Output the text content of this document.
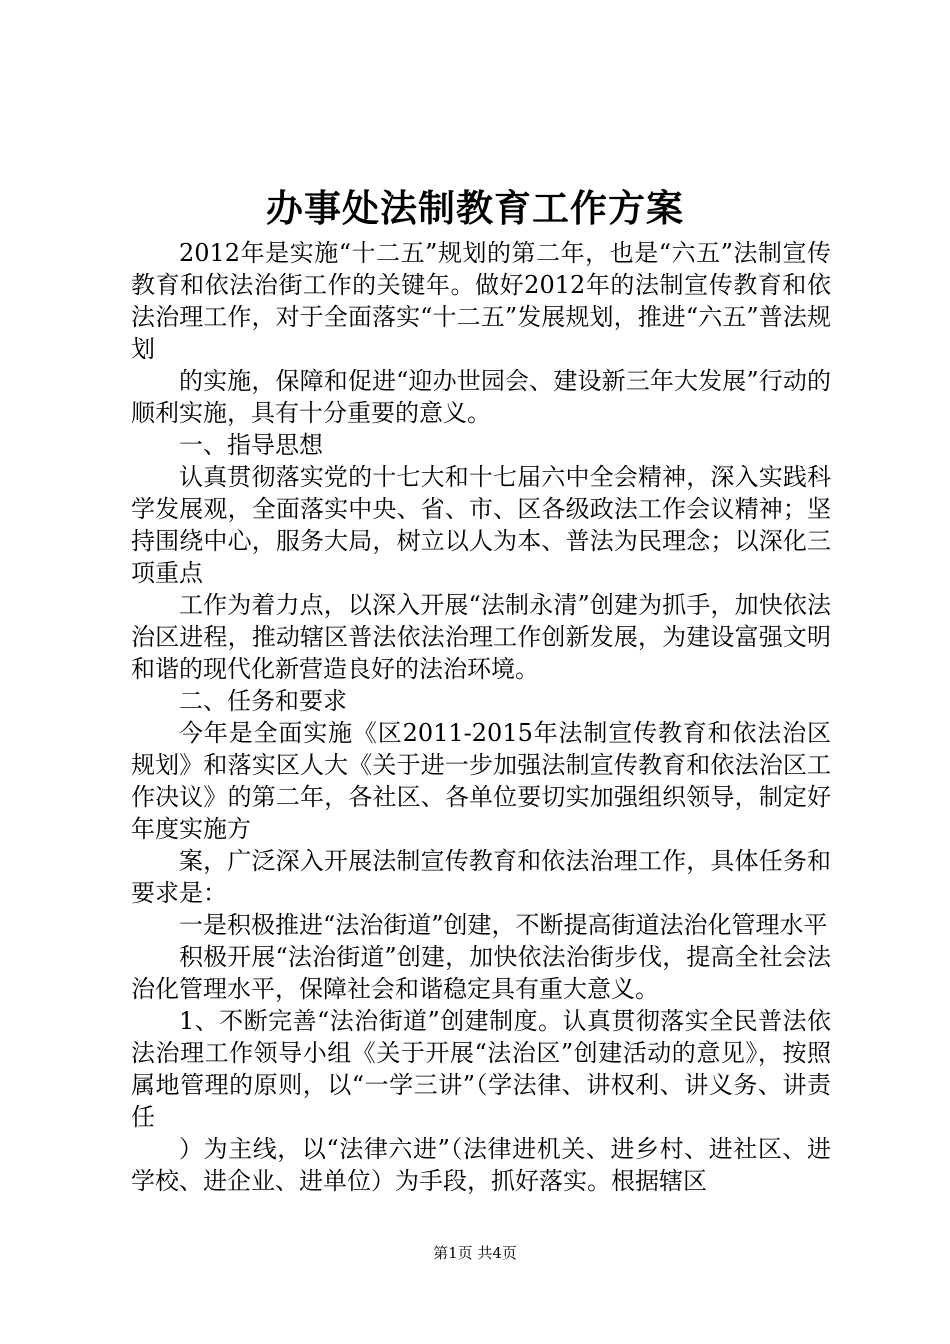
办事处法制教育工作方案

2012年是实施“十二五”规划的第二年，也是“六五”法制宣传教育和依法治街工作的关键年。做好2012年的法制宣传教育和依法治理工作，对于全面落实“十二五”发展规划，推进“六五”普法规划

的实施，保障和促进“迎办世园会、建设新三年大发展”行动的顺利实施，具有十分重要的意义。

一、指导思想

认真贯彻落实党的十七大和十七届六中全会精神，深入实践科学发展观，全面落实中央、省、市、区各级政法工作会议精神；坚持围绕中心，服务大局，树立以人为本、普法为民理念；以深化三项重点

工作为着力点，以深入开展“法制永清”创建为抓手，加快依法治区进程，推动辖区普法依法治理工作创新发展，为建设富强文明和谐的现代化新营造良好的法治环境。

二、任务和要求

今年是全面实施《区2011-2015年法制宣传教育和依法治区规划》和落实区人大《关于进一步加强法制宣传教育和依法治区工作决议》的第二年，各社区、各单位要切实加强组织领导，制定好年度实施方

案，广泛深入开展法制宣传教育和依法治理工作，具体任务和要求是：

一是积极推进“法治街道”创建，不断提高街道法治化管理水平

积极开展“法治街道”创建，加快依法治街步伐，提高全社会法治化管理水平，保障社会和谐稳定具有重大意义。

1、不断完善“法治街道”创建制度。认真贯彻落实全民普法依法治理工作领导小组《关于开展“法治区”创建活动的意见》，按照属地管理的原则，以“一学三讲”（学法律、讲权利、讲义务、讲责任

）为主线，以“法律六进”（法律进机关、进乡村、进社区、进学校、进企业、进单位）为手段，抓好落实。根据辖区

第1页 共4页
